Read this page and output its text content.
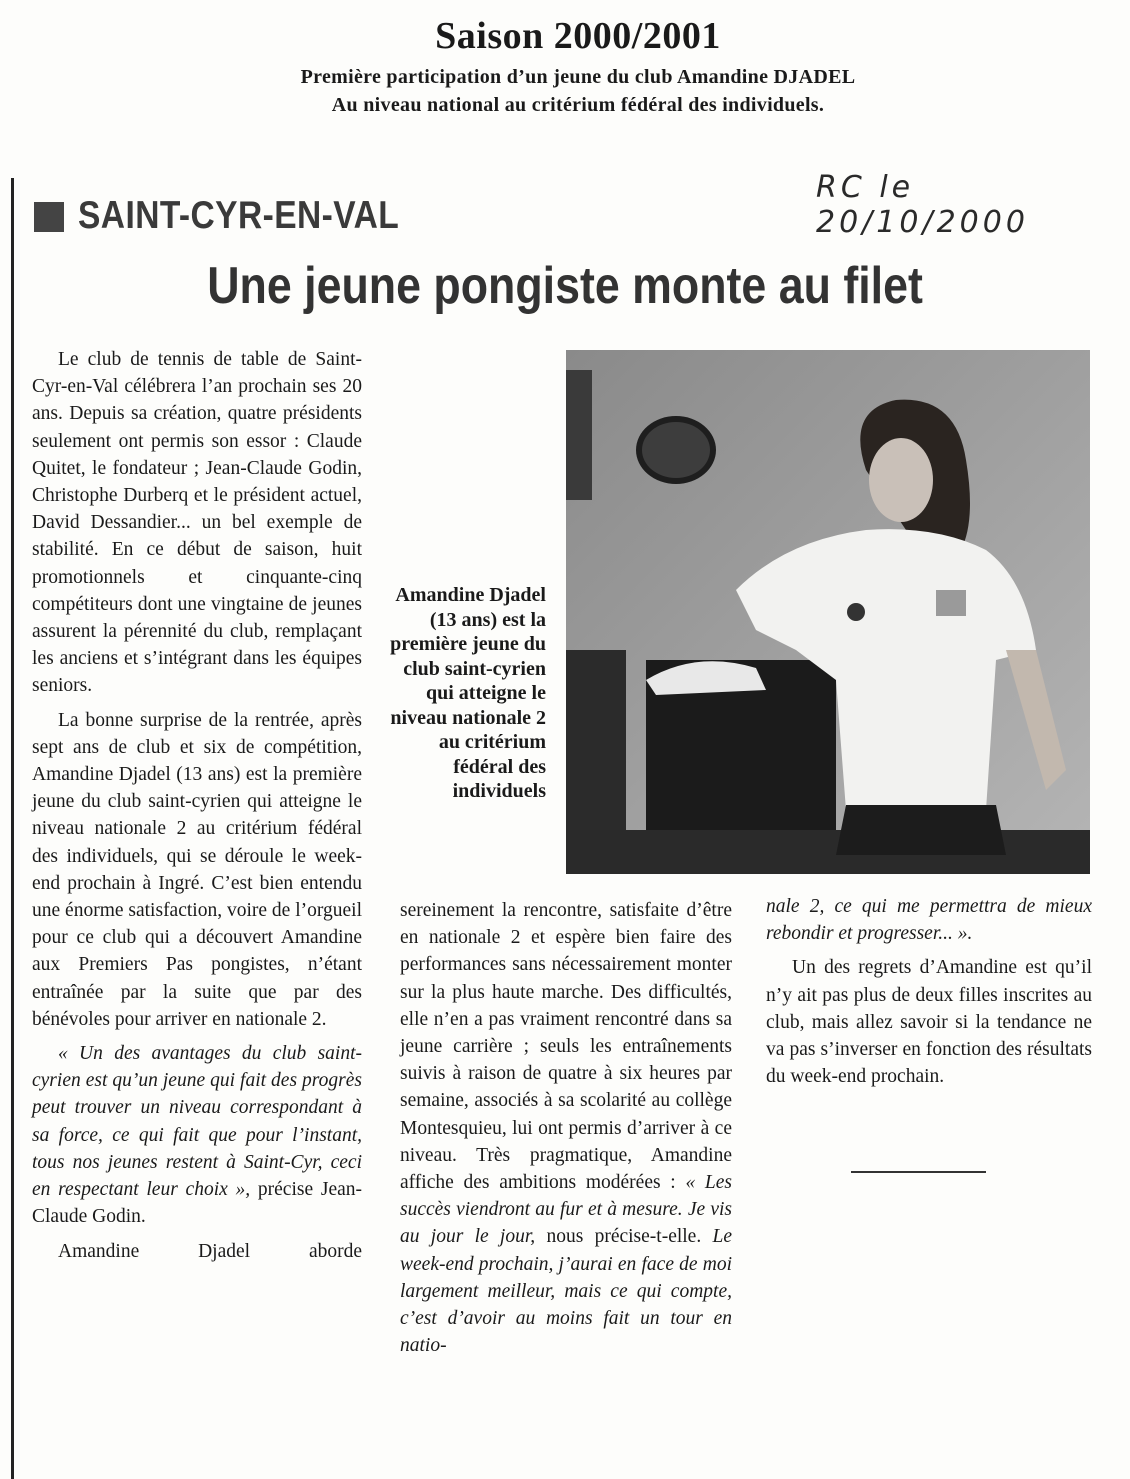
Saison 2000/2001
Première participation d’un jeune du club Amandine DJADEL
Au niveau national au critérium fédéral des individuels.
RC le 20/10/2000
SAINT-CYR-EN-VAL
Une jeune pongiste monte au filet

Le club de tennis de table de Saint-Cyr-en-Val célébrera l’an prochain ses 20 ans. Depuis sa création, quatre présidents seulement ont permis son essor : Claude Quitet, le fondateur ; Jean-Claude Godin, Christophe Durberq et le président actuel, David Dessandier... un bel exemple de stabilité. En ce début de saison, huit promotionnels et cinquante-cinq compétiteurs dont une vingtaine de jeunes assurent la pérennité du club, remplaçant les anciens et s’intégrant dans les équipes seniors.

La bonne surprise de la rentrée, après sept ans de club et six de compétition, Amandine Djadel (13 ans) est la première jeune du club saint-cyrien qui atteigne le niveau nationale 2 au critérium fédéral des individuels, qui se déroule le week-end prochain à Ingré. C’est bien entendu une énorme satisfaction, voire de l’orgueil pour ce club qui a découvert Amandine aux Premiers Pas pongistes, n’étant entraînée par la suite que par des bénévoles pour arriver en nationale 2.

« Un des avantages du club saint-cyrien est qu’un jeune qui fait des progrès peut trouver un niveau correspondant à sa force, ce qui fait que pour l’instant, tous nos jeunes restent à Saint-Cyr, ceci en respectant leur choix », précise Jean-Claude Godin.

Amandine Djadel aborde

Amandine Djadel (13 ans) est la première jeune du club saint-cyrien qui atteigne le niveau nationale 2 au critérium fédéral des individuels

sereinement la rencontre, satisfaite d’être en nationale 2 et espère bien faire des performances sans nécessairement monter sur la plus haute marche. Des difficultés, elle n’en a pas vraiment rencontré dans sa jeune carrière ; seuls les entraînements suivis à raison de quatre à six heures par semaine, associés à sa scolarité au collège Montesquieu, lui ont permis d’arriver à ce niveau. Très pragmatique, Amandine affiche des ambitions modérées : « Les succès viendront au fur et à mesure. Je vis au jour le jour, nous précise-t-elle. Le week-end prochain, j’aurai en face de moi largement meilleur, mais ce qui compte, c’est d’avoir au moins fait un tour en natio-

nale 2, ce qui me permettra de mieux rebondir et progresser... ».

Un des regrets d’Amandine est qu’il n’y ait pas plus de deux filles inscrites au club, mais allez savoir si la tendance ne va pas s’inverser en fonction des résultats du week-end prochain.
